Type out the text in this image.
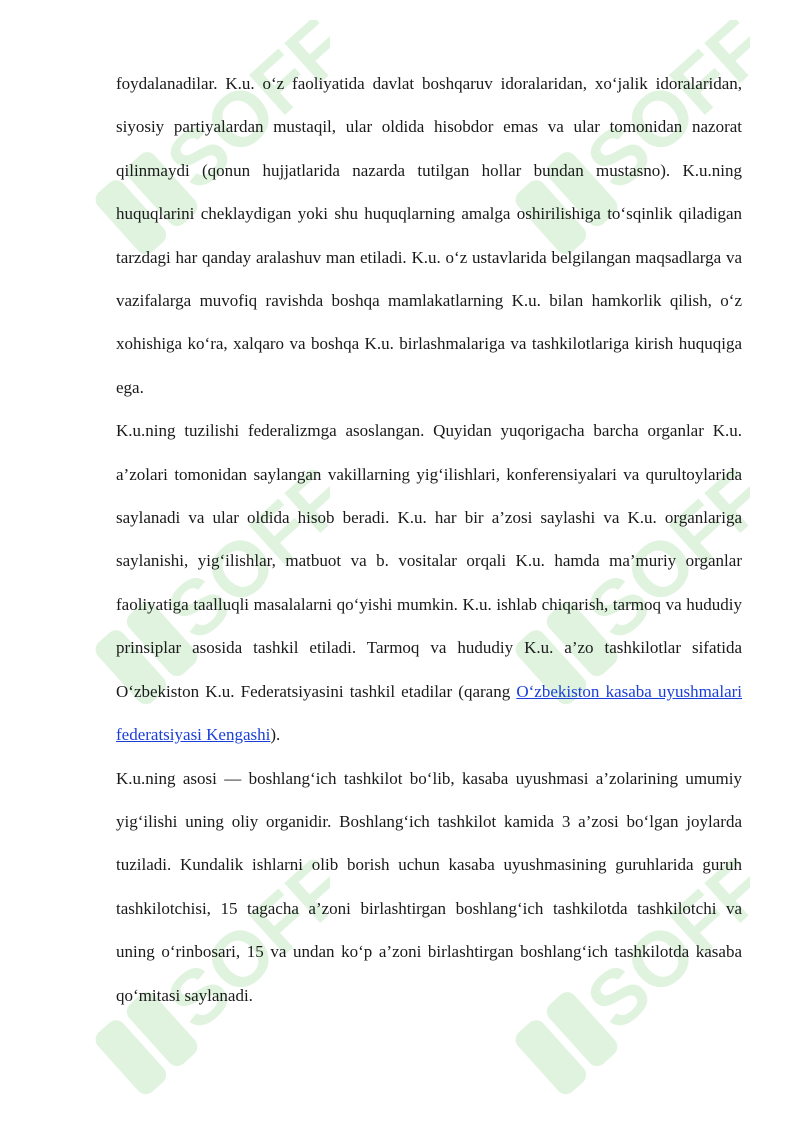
SOFF	SOFF
SOFF	SOFF
SOFF	SOFF

foydalanadilar. K.u. o‘z faoliyatida davlat boshqaruv idoralaridan, xo‘jalik idoralaridan, siyosiy partiyalardan mustaqil, ular oldida hisobdor emas va ular tomonidan nazorat qilinmaydi (qonun hujjatlarida nazarda tutilgan hollar bundan mustasno). K.u.ning huquqlarini cheklaydigan yoki shu huquqlarning amalga oshirilishiga to‘sqinlik qiladigan tarzdagi har qanday aralashuv man etiladi. K.u. o‘z ustavlarida belgilangan maqsadlarga va vazifalarga muvofiq ravishda boshqa mamlakatlarning K.u. bilan hamkorlik qilish, o‘z xohishiga ko‘ra, xalqaro va boshqa K.u. birlashmalariga va tashkilotlariga kirish huquqiga ega.

K.u.ning tuzilishi federalizmga asoslangan. Quyidan yuqorigacha barcha organlar K.u. a’zolari tomonidan saylangan vakillarning yig‘ilishlari, konferensiyalari va qurultoylarida saylanadi va ular oldida hisob beradi. K.u. har bir a’zosi saylashi va K.u. organlariga saylanishi, yig‘ilishlar, matbuot va b. vositalar orqali K.u. hamda ma’muriy organlar faoliyatiga taalluqli masalalarni qo‘yishi mumkin. K.u. ishlab chiqarish, tarmoq va hududiy prinsiplar asosida tashkil etiladi. Tarmoq va hududiy K.u. a’zo tashkilotlar sifatida O‘zbekiston K.u. Federatsiyasini tashkil etadilar (qarang O‘zbekiston kasaba uyushmalari federatsiyasi Kengashi).

K.u.ning asosi — boshlang‘ich tashkilot bo‘lib, kasaba uyushmasi a’zolarining umumiy yig‘ilishi uning oliy organidir. Boshlang‘ich tashkilot kamida 3 a’zosi bo‘lgan joylarda tuziladi. Kundalik ishlarni olib borish uchun kasaba uyushmasining guruhlarida guruh tashkilotchisi, 15 tagacha a’zoni birlashtirgan boshlang‘ich tashkilotda tashkilotchi va uning o‘rinbosari, 15 va undan ko‘p a’zoni birlashtirgan boshlang‘ich tashkilotda kasaba qo‘mitasi saylanadi.
